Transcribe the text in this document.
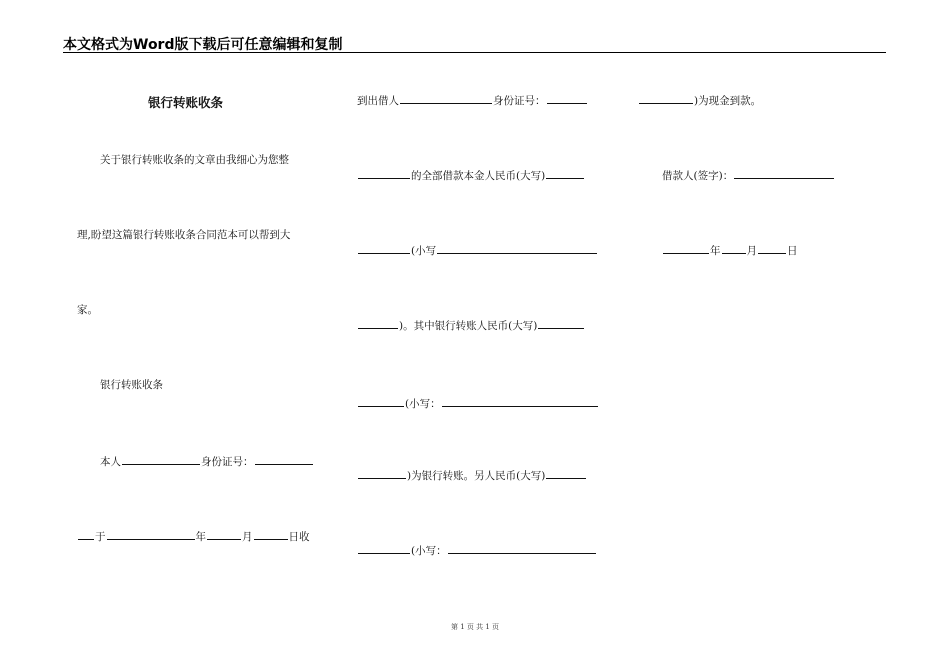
本文格式为Word版下载后可任意编辑和复制
银行转账收条
关于银行转账收条的文章由我细心为您整
理,盼望这篇银行转账收条合同范本可以帮到大
家。
银行转账收条
本人	身份证号：
于	年	月	日收
到出借人	身份证号：
的全部借款本金人民币(大写)
(小写
)。其中银行转账人民币(大写)
(小写：
)为银行转账。另人民币(大写)
(小写：
)为现金到款。
借款人(签字)：
年 月	日
第 1 页 共 1 页
